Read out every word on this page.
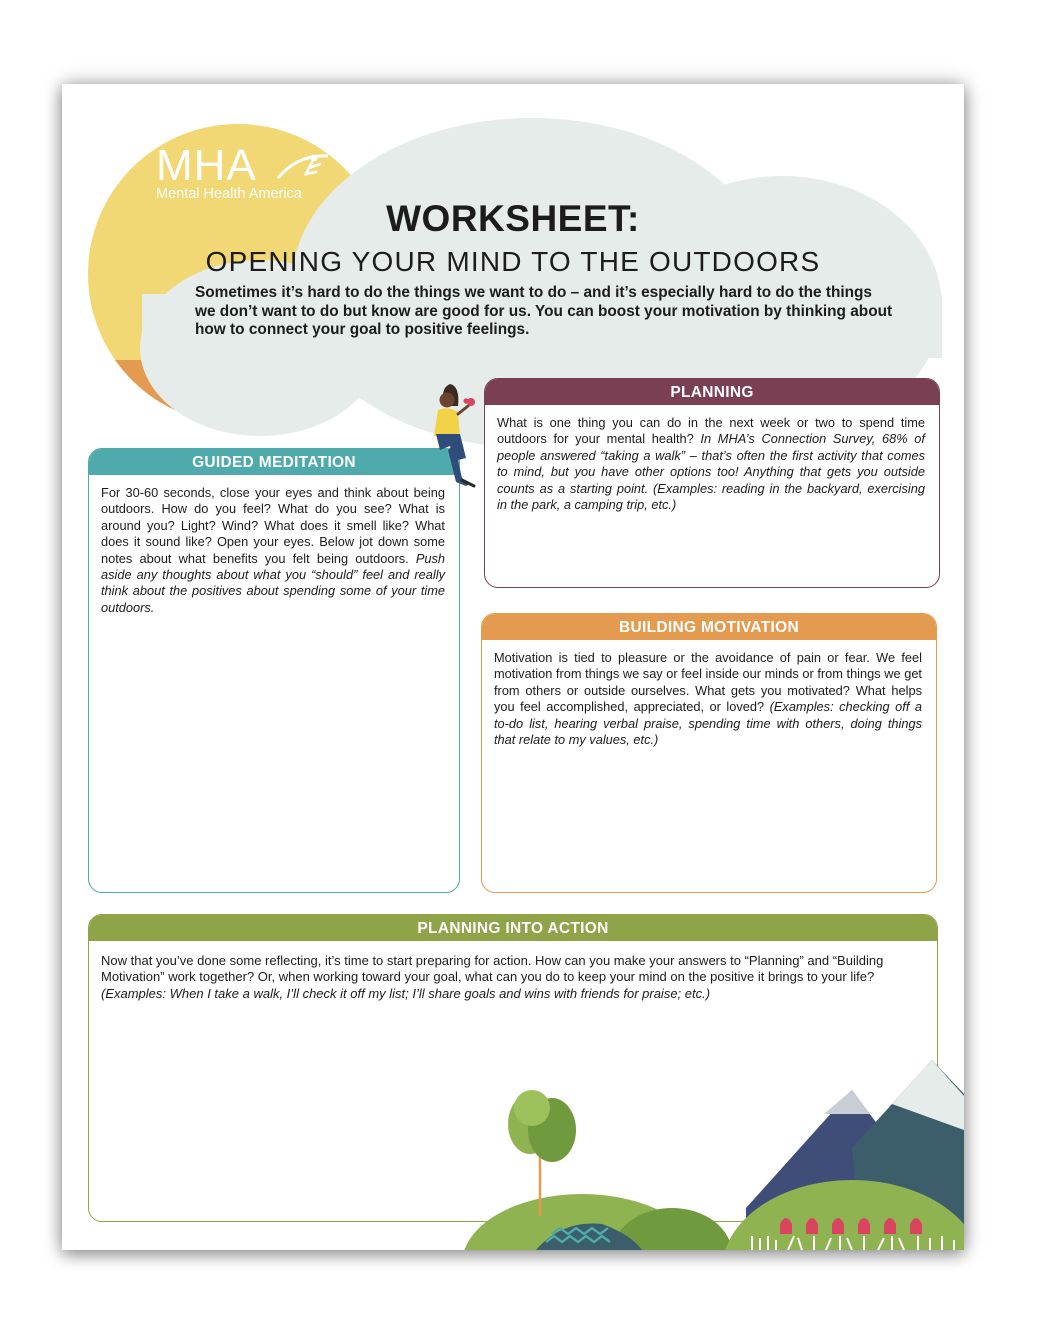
MHA
Mental Health America
WORKSHEET:
OPENING YOUR MIND TO THE OUTDOORS
Sometimes it’s hard to do the things we want to do – and it’s especially hard to do the things we don’t want to do but know are good for us. You can boost your motivation by thinking about how to connect your goal to positive feelings.
PLANNING
What is one thing you can do in the next week or two to spend time outdoors for your mental health? In MHA’s Connection Survey, 68% of people answered “taking a walk” – that’s often the first activity that comes to mind, but you have other options too! Anything that gets you outside counts as a starting point. (Examples: reading in the backyard, exercising in the park, a camping trip, etc.)
GUIDED MEDITATION
For 30-60 seconds, close your eyes and think about being outdoors. How do you feel? What do you see? What is around you? Light? Wind? What does it smell like? What does it sound like? Open your eyes. Below jot down some notes about what benefits you felt being outdoors. Push aside any thoughts about what you “should” feel and really think about the positives about spending some of your time outdoors.
BUILDING MOTIVATION
Motivation is tied to pleasure or the avoidance of pain or fear. We feel motivation from things we say or feel inside our minds or from things we get from others or outside ourselves. What gets you motivated? What helps you feel accomplished, appreciated, or loved? (Examples: checking off a to-do list, hearing verbal praise, spending time with others, doing things that relate to my values, etc.)
PLANNING INTO ACTION
Now that you’ve done some reflecting, it’s time to start preparing for action. How can you make your answers to “Planning” and “Building Motivation” work together? Or, when working toward your goal, what can you do to keep your mind on the positive it brings to your life? (Examples: When I take a walk, I’ll check it off my list; I’ll share goals and wins with friends for praise; etc.)
